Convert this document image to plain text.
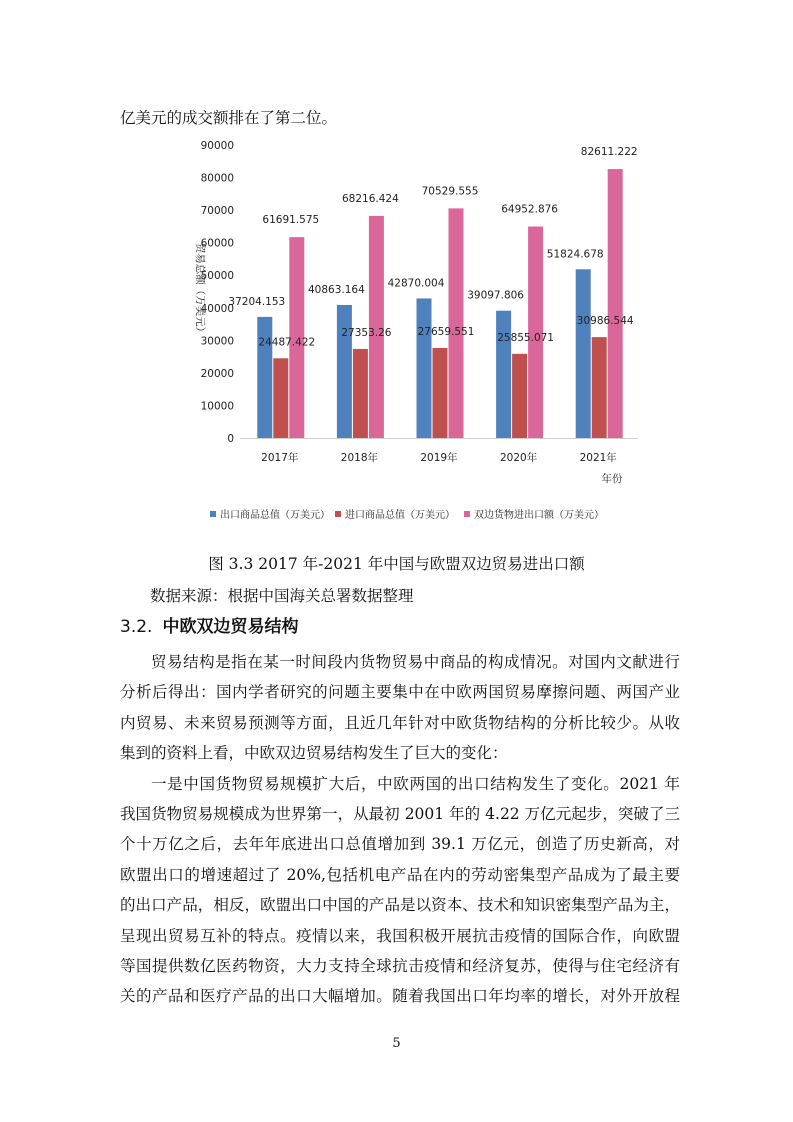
亿美元的成交额排在了第二位。
0
10000
20000
30000
40000
50000
60000
70000
80000
90000
贸易总额（万美元）
2017年	2018年	2019年	2020年	2021年
年份
37204.153
24487.422
61691.575
40863.164
27353.26
68216.424
42870.004
27659.551
70529.555
39097.806
25855.071
64952.876
51824.678
30986.544
82611.222
出口商品总值（万美元） 进口商品总值（万美元） 双边货物进出口额（万美元）
图 3.3 2017 年-2021 年中国与欧盟双边贸易进出口额
数据来源：根据中国海关总署数据整理
3.2. 中欧双边贸易结构
贸易结构是指在某一时间段内货物贸易中商品的构成情况。对国内文献进行
分析后得出：国内学者研究的问题主要集中在中欧两国贸易摩擦问题、两国产业
内贸易、未来贸易预测等方面，且近几年针对中欧货物结构的分析比较少。从收
集到的资料上看，中欧双边贸易结构发生了巨大的变化：
一是中国货物贸易规模扩大后，中欧两国的出口结构发生了变化。2021 年
我国货物贸易规模成为世界第一，从最初 2001 年的 4.22 万亿元起步，突破了三
个十万亿之后，去年年底进出口总值增加到 39.1 万亿元，创造了历史新高，对
欧盟出口的增速超过了 20%,包括机电产品在内的劳动密集型产品成为了最主要
的出口产品，相反，欧盟出口中国的产品是以资本、技术和知识密集型产品为主，
呈现出贸易互补的特点。疫情以来，我国积极开展抗击疫情的国际合作，向欧盟
等国提供数亿医药物资，大力支持全球抗击疫情和经济复苏，使得与住宅经济有
关的产品和医疗产品的出口大幅增加。随着我国出口年均率的增长，对外开放程
5
